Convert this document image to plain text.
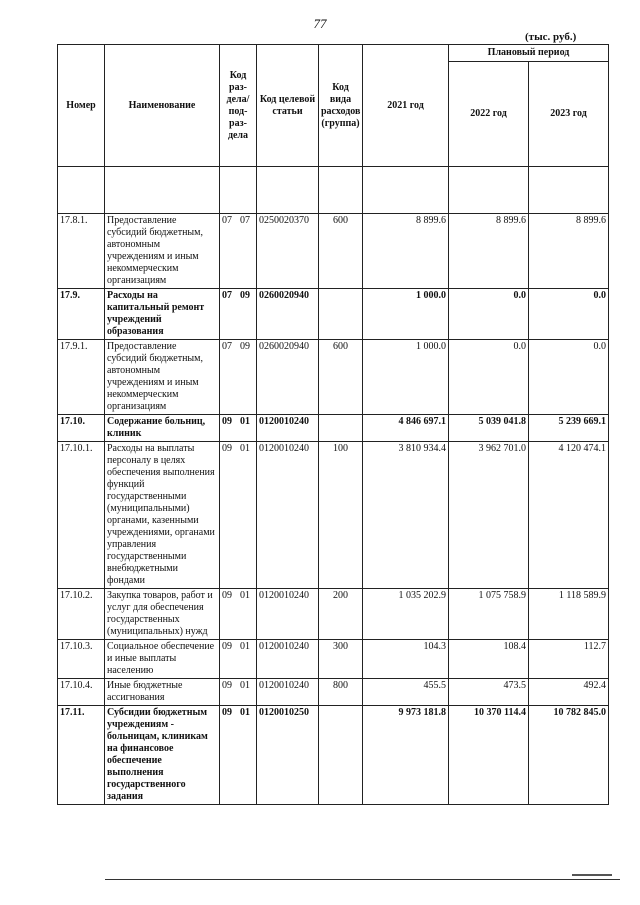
77
(тыс. руб.)
Номер	Наименование	Код раз-дела/под-раз-дела	Код целевой статьи	Код вида расходов (группа)	2021 год	Плановый период	
						2022 год	2023 год

17.8.1.	Предоставление субсидий бюджетным, автономным учреждениям и иным некоммерческим организациям	07 07	0250020370	600	8 899.6	8 899.6	8 899.6
17.9.	Расходы на капитальный ремонт учреждений образования	07 09	0260020940		1 000.0	0.0	0.0
17.9.1.	Предоставление субсидий бюджетным, автономным учреждениям и иным некоммерческим организациям	07 09	0260020940	600	1 000.0	0.0	0.0
17.10.	Содержание больниц, клиник	09 01	0120010240		4 846 697.1	5 039 041.8	5 239 669.1
17.10.1.	Расходы на выплаты персоналу в целях обеспечения выполнения функций государственными (муниципальными) органами, казенными учреждениями, органами управления государственными внебюджетными фондами	09 01	0120010240	100	3 810 934.4	3 962 701.0	4 120 474.1
17.10.2.	Закупка товаров, работ и услуг для обеспечения государственных (муниципальных) нужд	09 01	0120010240	200	1 035 202.9	1 075 758.9	1 118 589.9
17.10.3.	Социальное обеспечение и иные выплаты населению	09 01	0120010240	300	104.3	108.4	112.7
17.10.4.	Иные бюджетные ассигнования	09 01	0120010240	800	455.5	473.5	492.4
17.11.	Субсидии бюджетным учреждениям - больницам, клиникам на финансовое обеспечение выполнения государственного задания	09 01	0120010250		9 973 181.8	10 370 114.4	10 782 845.0
